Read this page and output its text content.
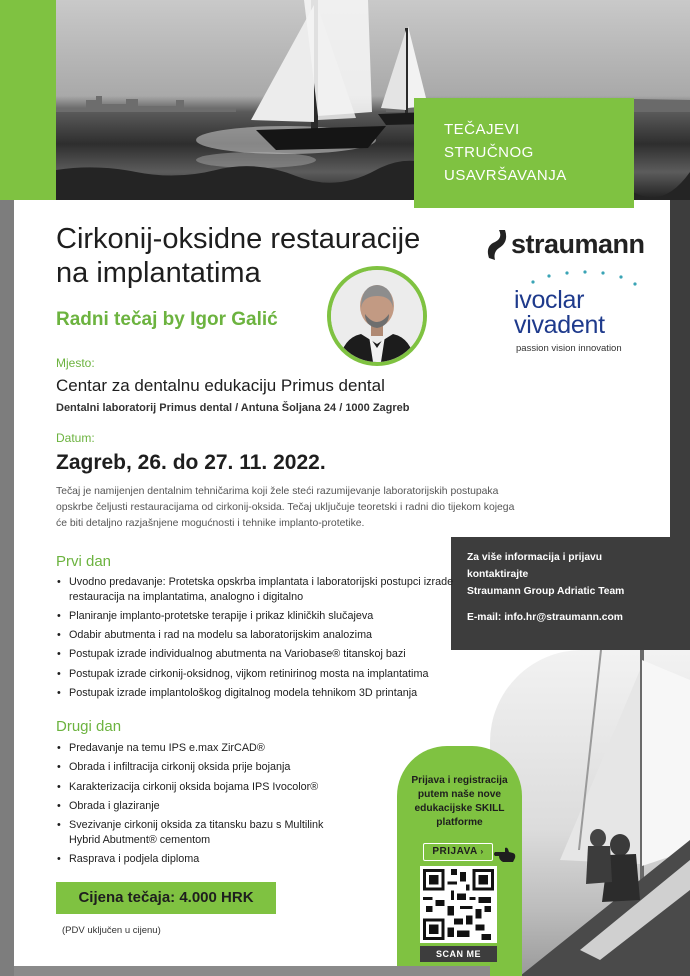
TEČAJEVI
STRUČNOG
USAVRŠAVANJA
Cirkonij-oksidne restauracije
na implantatima
Radni tečaj by Igor Galić
straumann
ivoclar
vivadent
passion vision innovation
Mjesto:
Centar za dentalnu edukaciju Primus dental
Dentalni laboratorij Primus dental / Antuna Šoljana 24 / 1000 Zagreb
Datum:
Zagreb, 26. do 27. 11. 2022.

Tečaj je namijenjen dentalnim tehničarima koji žele steći razumijevanje laboratorijskih postupaka
opskrbe čeljusti restauracijama od cirkonij-oksida. Tečaj uključuje teoretski i radni dio tijekom kojega
će biti detaljno razjašnjene mogućnosti i tehnike implanto-protetike.

Za više informacija i prijavu kontaktirajte
Straumann Group Adriatic Team
E-mail: info.hr@straumann.com
Prvi dan
• Uvodno predavanje: Protetska opskrba implantata i laboratorijski postupci izrade restauracija na implantatima, analogno i digitalno
• Planiranje implanto-protetske terapije i prikaz kliničkih slučajeva
• Odabir abutmenta i rad na modelu sa laboratorijskim analozima
• Postupak izrade individualnog abutmenta na Variobase® titanskoj bazi
• Postupak izrade cirkonij-oksidnog, vijkom retinirinog mosta na implantatima
• Postupak izrade implantološkog digitalnog modela tehnikom 3D printanja
Drugi dan
• Predavanje na temu IPS e.max ZirCAD®
• Obrada i infiltracija cirkonij oksida prije bojanja
• Karakterizacija cirkonij oksida bojama IPS Ivocolor®
• Obrada i glaziranje
• Svezivanje cirkonij oksida za titansku bazu s Multilink Hybrid Abutment® cementom
• Rasprava i podjela diploma
Prijava i registracija
putem naše nove
edukacijske SKILL
platforme
PRIJAVA ›
SCAN ME
Cijena tečaja: 4.000 HRK
(PDV uključen u cijenu)
